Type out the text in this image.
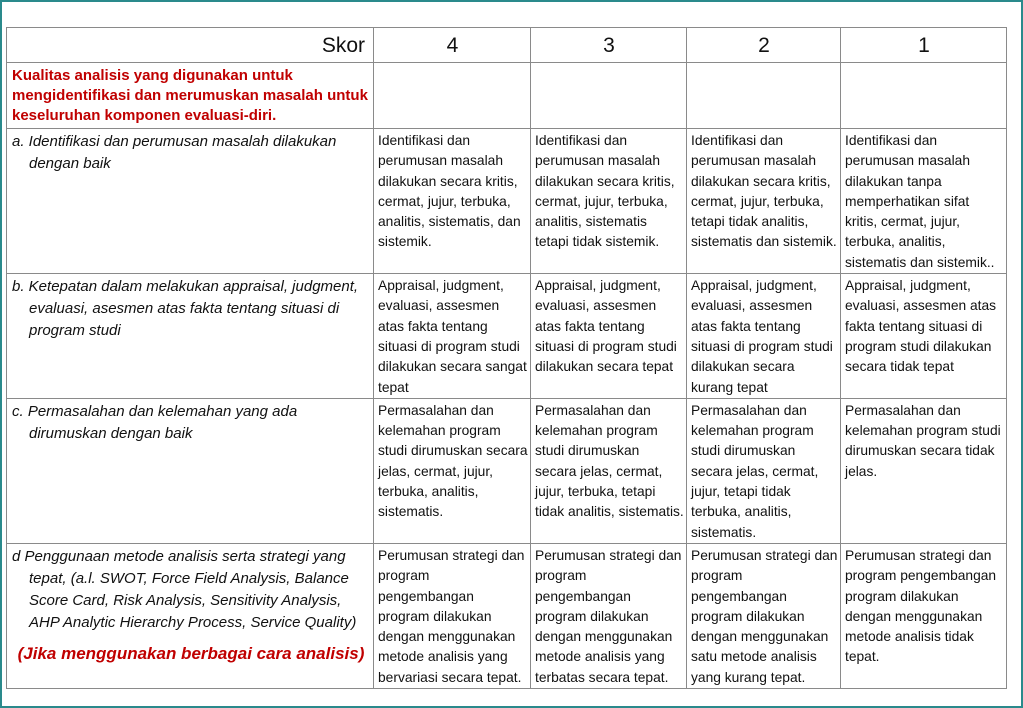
Skor	4	3	2	1
Kualitas analisis yang digunakan untuk mengidentifikasi dan merumuskan masalah untuk keseluruhan komponen evaluasi-diri.				

a. Identifikasi dan perumusan masalah dilakukan dengan baik	Identifikasi dan perumusan masalah dilakukan secara kritis, cermat, jujur, terbuka, analitis, sistematis, dan sistemik.	Identifikasi dan perumusan masalah dilakukan secara kritis, cermat, jujur, terbuka, analitis, sistematis tetapi tidak sistemik.	Identifikasi dan perumusan masalah dilakukan secara kritis, cermat, jujur, terbuka, tetapi tidak analitis, sistematis dan sistemik.	Identifikasi dan perumusan masalah dilakukan tanpa memperhatikan sifat kritis, cermat, jujur, terbuka, analitis, sistematis dan sistemik..

b. Ketepatan dalam melakukan appraisal, judgment, evaluasi, asesmen atas fakta tentang situasi di program studi	Appraisal, judgment, evaluasi, assesmen atas fakta tentang situasi di program studi dilakukan secara sangat tepat	Appraisal, judgment, evaluasi, assesmen atas fakta tentang situasi di program studi dilakukan secara tepat	Appraisal, judgment, evaluasi, assesmen atas fakta tentang situasi di program studi dilakukan secara kurang tepat	Appraisal, judgment, evaluasi, assesmen atas fakta tentang situasi di program studi dilakukan secara tidak tepat

c. Permasalahan dan kelemahan yang ada dirumuskan dengan baik	Permasalahan dan kelemahan program studi dirumuskan secara jelas, cermat, jujur, terbuka, analitis, sistematis.	Permasalahan dan kelemahan program studi dirumuskan secara jelas, cermat, jujur, terbuka, tetapi tidak analitis, sistematis.	Permasalahan dan kelemahan program studi dirumuskan secara jelas, cermat, jujur, tetapi tidak terbuka, analitis, sistematis.	Permasalahan dan kelemahan program studi dirumuskan secara tidak jelas.

d Penggunaan metode analisis serta strategi yang tepat, (a.l. SWOT, Force Field Analysis, Balance Score Card, Risk Analysis, Sensitivity Analysis, AHP Analytic Hierarchy Process, Service Quality)
(Jika menggunakan berbagai cara analisis)	Perumusan strategi dan program pengembangan program dilakukan dengan menggunakan metode analisis yang bervariasi secara tepat.	Perumusan strategi dan program pengembangan program dilakukan dengan menggunakan metode analisis yang terbatas secara tepat.	Perumusan strategi dan program pengembangan program dilakukan dengan menggunakan satu metode analisis yang kurang tepat.	Perumusan strategi dan program pengembangan program dilakukan dengan menggunakan metode analisis tidak tepat.
